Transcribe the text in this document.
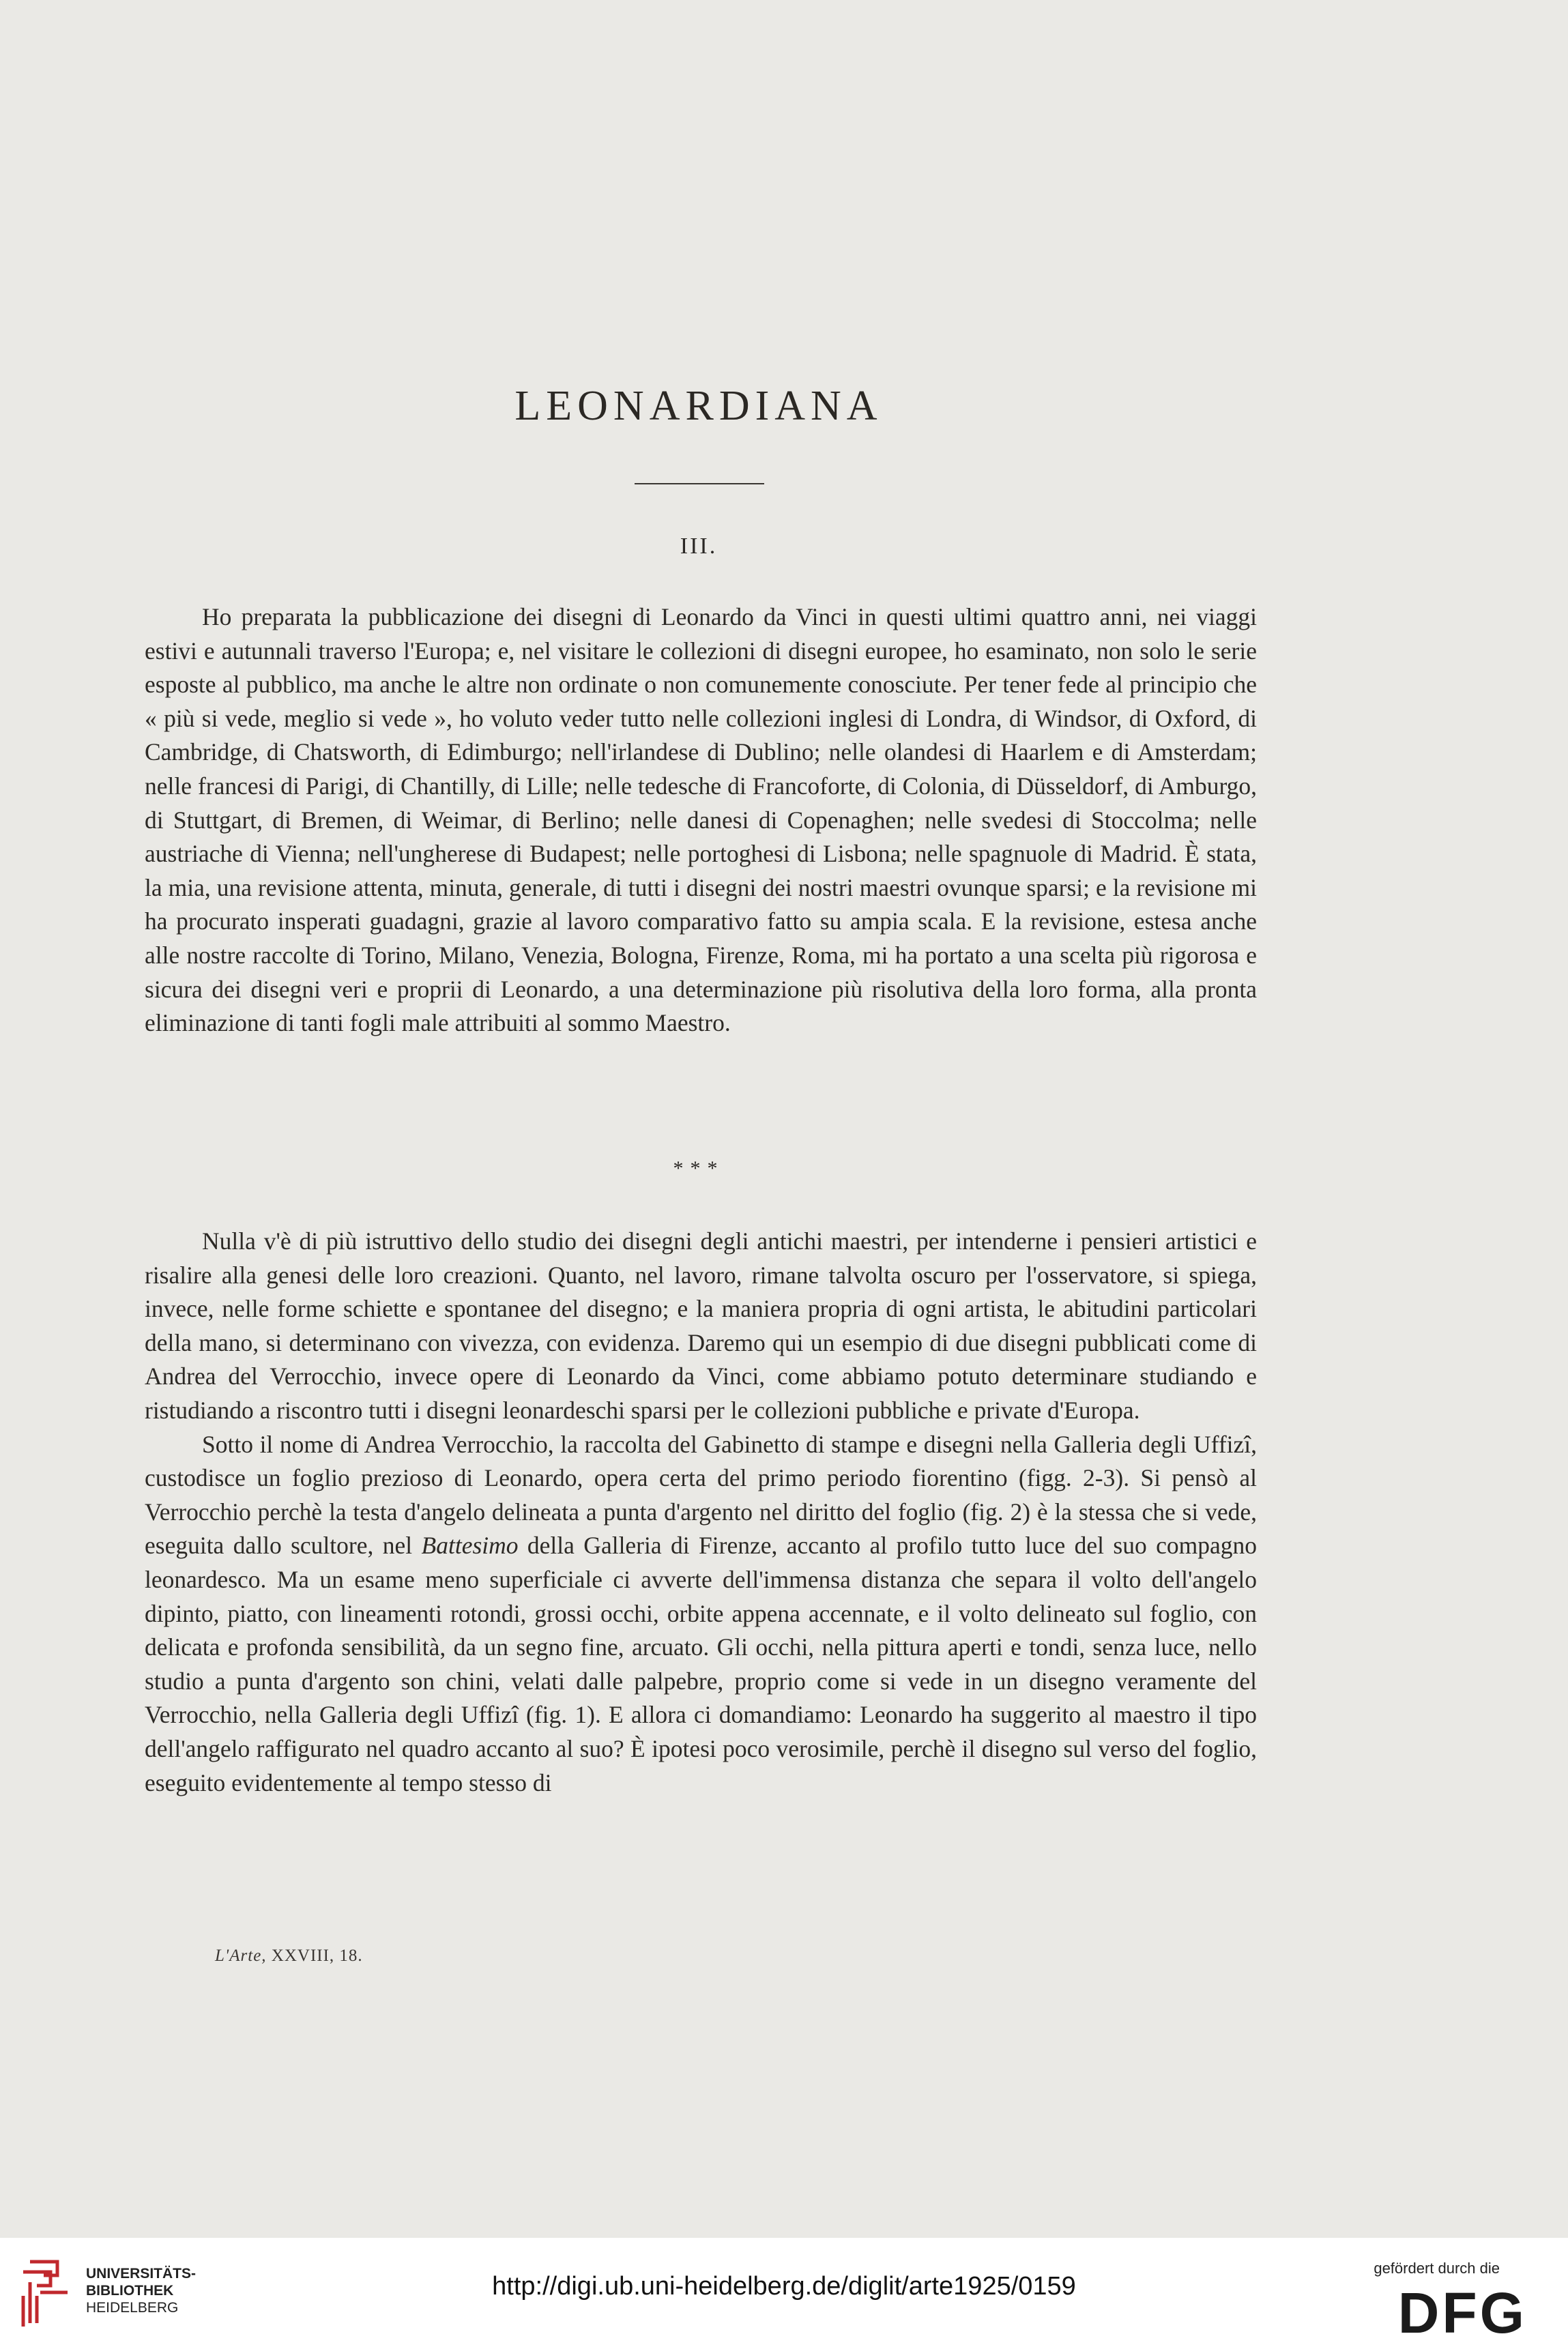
LEONARDIANA
III.

Ho preparata la pubblicazione dei disegni di Leonardo da Vinci in questi ultimi quattro anni, nei viaggi estivi e autunnali traverso l'Europa; e, nel visitare le collezioni di disegni europee, ho esaminato, non solo le serie esposte al pubblico, ma anche le altre non ordinate o non comunemente conosciute. Per tener fede al principio che « più si vede, meglio si vede », ho voluto veder tutto nelle collezioni inglesi di Londra, di Windsor, di Oxford, di Cambridge, di Chatsworth, di Edimburgo; nell'irlandese di Dublino; nelle olandesi di Haarlem e di Amsterdam; nelle francesi di Parigi, di Chantilly, di Lille; nelle tedesche di Francoforte, di Colonia, di Düsseldorf, di Amburgo, di Stuttgart, di Bremen, di Weimar, di Berlino; nelle danesi di Copenaghen; nelle svedesi di Stoccolma; nelle austriache di Vienna; nell'ungherese di Budapest; nelle portoghesi di Lisbona; nelle spagnuole di Madrid. È stata, la mia, una revisione attenta, minuta, generale, di tutti i disegni dei nostri maestri ovunque sparsi; e la revisione mi ha procurato insperati guadagni, grazie al lavoro comparativo fatto su ampia scala. E la revisione, estesa anche alle nostre raccolte di Torino, Milano, Venezia, Bologna, Firenze, Roma, mi ha portato a una scelta più rigorosa e sicura dei disegni veri e proprii di Leonardo, a una determinazione più risolutiva della loro forma, alla pronta eliminazione di tanti fogli male attribuiti al sommo Maestro.

***

Nulla v'è di più istruttivo dello studio dei disegni degli antichi maestri, per intenderne i pensieri artistici e risalire alla genesi delle loro creazioni. Quanto, nel lavoro, rimane talvolta oscuro per l'osservatore, si spiega, invece, nelle forme schiette e spontanee del disegno; e la maniera propria di ogni artista, le abitudini particolari della mano, si determinano con vivezza, con evidenza. Daremo qui un esempio di due disegni pubblicati come di Andrea del Verrocchio, invece opere di Leonardo da Vinci, come abbiamo potuto determinare studiando e ristudiando a riscontro tutti i disegni leonardeschi sparsi per le collezioni pubbliche e private d'Europa.

Sotto il nome di Andrea Verrocchio, la raccolta del Gabinetto di stampe e disegni nella Galleria degli Uffizî, custodisce un foglio prezioso di Leonardo, opera certa del primo periodo fiorentino (figg. 2-3). Si pensò al Verrocchio perchè la testa d'angelo delineata a punta d'argento nel diritto del foglio (fig. 2) è la stessa che si vede, eseguita dallo scultore, nel Battesimo della Galleria di Firenze, accanto al profilo tutto luce del suo compagno leonardesco. Ma un esame meno superficiale ci avverte dell'immensa distanza che separa il volto dell'angelo dipinto, piatto, con lineamenti rotondi, grossi occhi, orbite appena accennate, e il volto delineato sul foglio, con delicata e profonda sensibilità, da un segno fine, arcuato. Gli occhi, nella pittura aperti e tondi, senza luce, nello studio a punta d'argento son chini, velati dalle palpebre, proprio come si vede in un disegno veramente del Verrocchio, nella Galleria degli Uffizî (fig. 1). E allora ci domandiamo: Leonardo ha suggerito al maestro il tipo dell'angelo raffigurato nel quadro accanto al suo? È ipotesi poco verosimile, perchè il disegno sul verso del foglio, eseguito evidentemente al tempo stesso di

L'Arte, XXVIII, 18.
UNIVERSITÄTS-
BIBLIOTHEK
HEIDELBERG
http://digi.ub.uni-heidelberg.de/diglit/arte1925/0159
gefördert durch die
DFG
